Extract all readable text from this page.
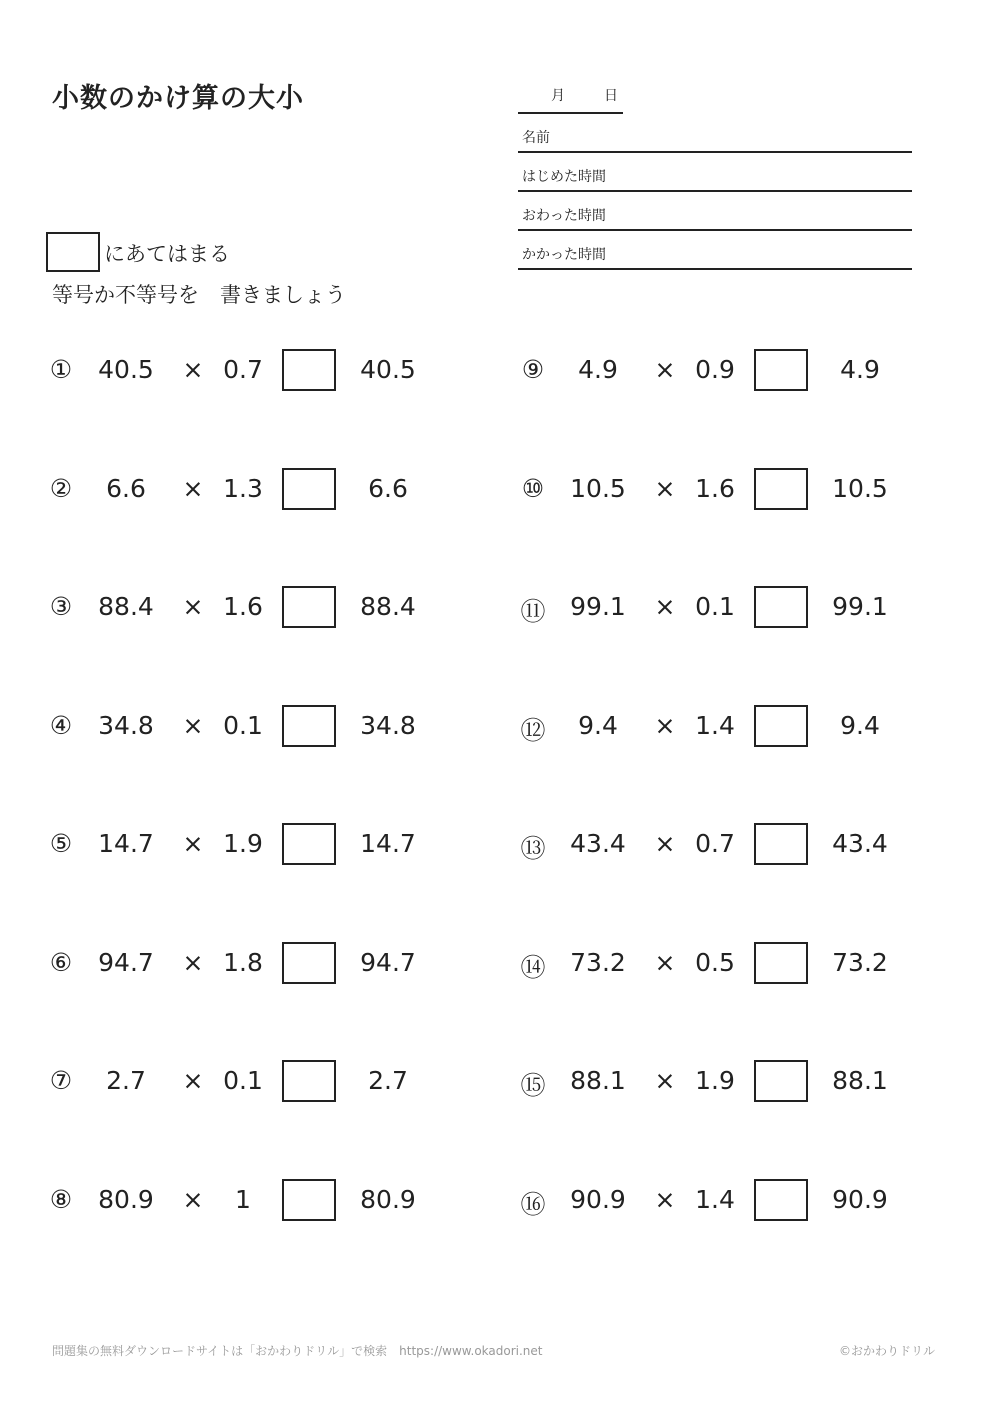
小数のかけ算の大小	月	日
名前
はじめた時間
おわった時間
かかった時間
にあてはまる
等号か不等号を　書きましょう
①	40.5	× 0.7	40.5
②	6.6	× 1.3	6.6
③	88.4	× 1.6	88.4
④	34.8	× 0.1	34.8
⑤	14.7	× 1.9	14.7
⑥	94.7	× 1.8	94.7
⑦	2.7	× 0.1	2.7
⑧	80.9	×	1	80.9
⑨	4.9	× 0.9	4.9
⑩	10.5	× 1.6	10.5
⑪ 99.1	× 0.1	99.1
⑫	9.4	× 1.4	9.4
⑬ 43.4	× 0.7	43.4
⑭ 73.2	× 0.5	73.2
⑮ 88.1	× 1.9	88.1
⑯ 90.9	× 1.4	90.9
問題集の無料ダウンロードサイトは「おかわりドリル」で検索　https://www.okadori.net	©おかわりドリル
